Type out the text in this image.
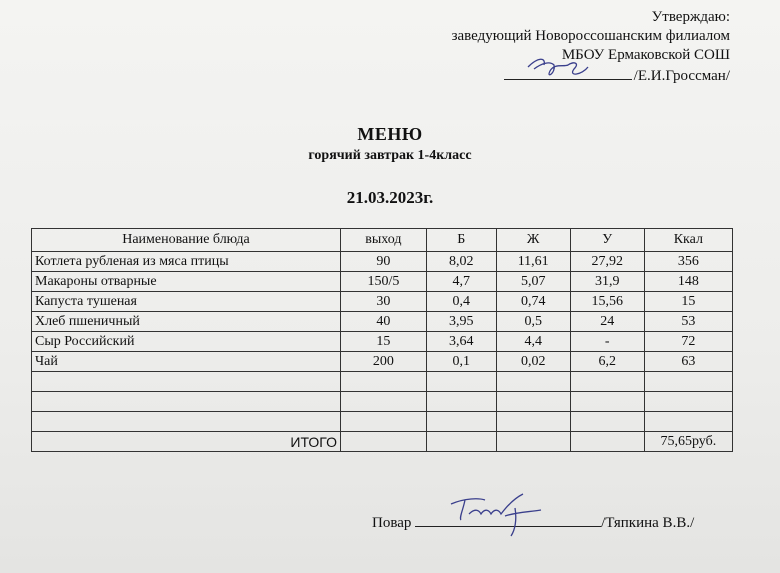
Утверждаю:
заведующий Новороссошанским филиалом
МБОУ Ермаковской СОШ
/Е.И.Гроссман/
МЕНЮ
горячий завтрак 1-4класс
21.03.2023г.
Наименование блюда	выход	Б	Ж	У	Ккал
Котлета рубленая из мяса птицы	90	8,02	11,61	27,92	356
Макароны отварные	150/5	4,7	5,07	31,9	148
Капуста тушеная	30	0,4	0,74	15,56	15
Хлеб пшеничный	40	3,95	0,5	24	53
Сыр Российский	15	3,64	4,4	-	72
Чай	200	0,1	0,02	6,2	63

ИТОГО					75,65руб.
Повар	/Тяпкина В.В./
